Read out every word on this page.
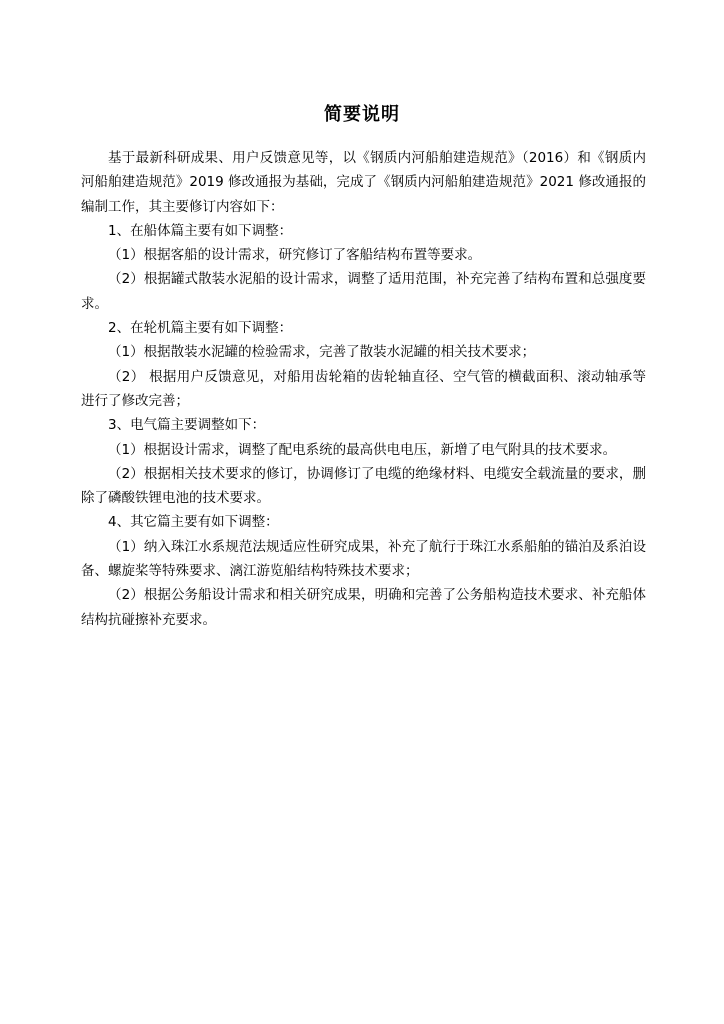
简要说明

基于最新科研成果、用户反馈意见等，以《钢质内河船舶建造规范》（2016）和《钢质内河船舶建造规范》2019 修改通报为基础，完成了《钢质内河船舶建造规范》2021 修改通报的编制工作，其主要修订内容如下：

1、在船体篇主要有如下调整：

（1）根据客船的设计需求，研究修订了客船结构布置等要求。

（2）根据罐式散装水泥船的设计需求，调整了适用范围，补充完善了结构布置和总强度要求。

2、在轮机篇主要有如下调整：

（1）根据散装水泥罐的检验需求，完善了散装水泥罐的相关技术要求；

（2） 根据用户反馈意见，对船用齿轮箱的齿轮轴直径、空气管的横截面积、滚动轴承等进行了修改完善；

3、电气篇主要调整如下：

（1）根据设计需求，调整了配电系统的最高供电电压，新增了电气附具的技术要求。

（2）根据相关技术要求的修订，协调修订了电缆的绝缘材料、电缆安全载流量的要求，删除了磷酸铁锂电池的技术要求。

4、其它篇主要有如下调整：

（1）纳入珠江水系规范法规适应性研究成果，补充了航行于珠江水系船舶的锚泊及系泊设备、螺旋桨等特殊要求、漓江游览船结构特殊技术要求；

（2）根据公务船设计需求和相关研究成果，明确和完善了公务船构造技术要求、补充船体结构抗碰擦补充要求。
